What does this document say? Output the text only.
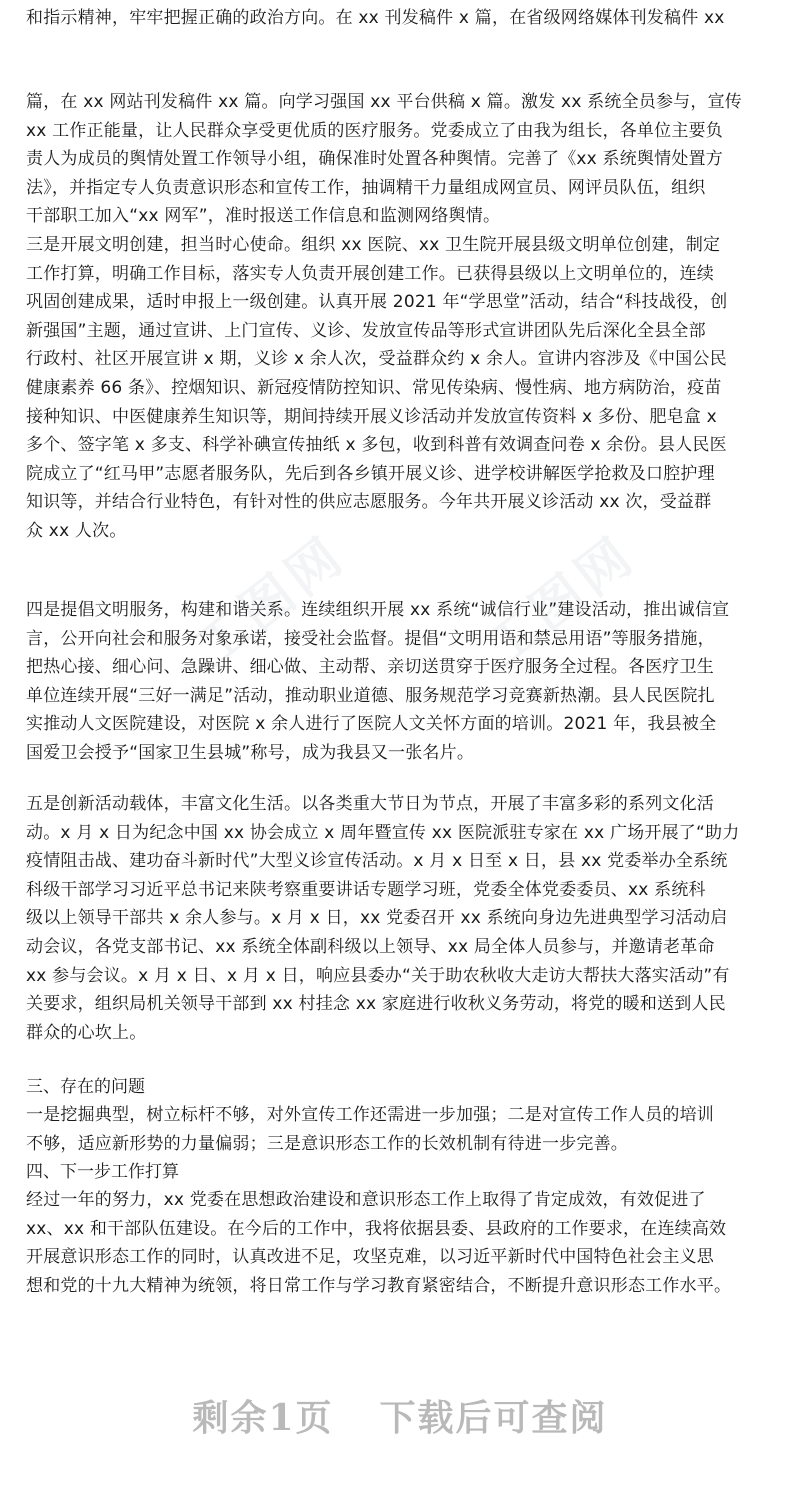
工图网 工图网
和指示精神，牢牢把握正确的政治方向。在 xx 刊发稿件 x 篇，在省级网络媒体刊发稿件 xx
篇，在 xx 网站刊发稿件 xx 篇。向学习强国 xx 平台供稿 x 篇。激发 xx 系统全员参与，宣传
xx 工作正能量，让人民群众享受更优质的医疗服务。党委成立了由我为组长，各单位主要负
责人为成员的舆情处置工作领导小组，确保准时处置各种舆情。完善了《xx 系统舆情处置方
法》，并指定专人负责意识形态和宣传工作，抽调精干力量组成网宣员、网评员队伍，组织
干部职工加入“xx 网军”，准时报送工作信息和监测网络舆情。
三是开展文明创建，担当时心使命。组织 xx 医院、xx 卫生院开展县级文明单位创建，制定
工作打算，明确工作目标，落实专人负责开展创建工作。已获得县级以上文明单位的，连续
巩固创建成果，适时申报上一级创建。认真开展 2021 年“学思堂”活动，结合“科技战役，创
新强国”主题，通过宣讲、上门宣传、义诊、发放宣传品等形式宣讲团队先后深化全县全部
行政村、社区开展宣讲 x 期，义诊 x 余人次，受益群众约 x 余人。宣讲内容涉及《中国公民
健康素养 66 条》、控烟知识、新冠疫情防控知识、常见传染病、慢性病、地方病防治，疫苗
接种知识、中医健康养生知识等，期间持续开展义诊活动并发放宣传资料 x 多份、肥皂盒 x
多个、签字笔 x 多支、科学补碘宣传抽纸 x 多包，收到科普有效调查问卷 x 余份。县人民医
院成立了“红马甲”志愿者服务队，先后到各乡镇开展义诊、进学校讲解医学抢救及口腔护理
知识等，并结合行业特色，有针对性的供应志愿服务。今年共开展义诊活动 xx 次，受益群
众 xx 人次。
四是提倡文明服务，构建和谐关系。连续组织开展 xx 系统“诚信行业”建设活动，推出诚信宣
言，公开向社会和服务对象承诺，接受社会监督。提倡“文明用语和禁忌用语”等服务措施，
把热心接、细心问、急躁讲、细心做、主动帮、亲切送贯穿于医疗服务全过程。各医疗卫生
单位连续开展“三好一满足”活动，推动职业道德、服务规范学习竞赛新热潮。县人民医院扎
实推动人文医院建设，对医院 x 余人进行了医院人文关怀方面的培训。2021 年，我县被全
国爱卫会授予“国家卫生县城”称号，成为我县又一张名片。
五是创新活动载体，丰富文化生活。以各类重大节日为节点，开展了丰富多彩的系列文化活
动。x 月 x 日为纪念中国 xx 协会成立 x 周年暨宣传 xx 医院派驻专家在 xx 广场开展了“助力
疫情阻击战、建功奋斗新时代”大型义诊宣传活动。x 月 x 日至 x 日，县 xx 党委举办全系统
科级干部学习习近平总书记来陕考察重要讲话专题学习班，党委全体党委委员、xx 系统科
级以上领导干部共 x 余人参与。x 月 x 日，xx 党委召开 xx 系统向身边先进典型学习活动启
动会议，各党支部书记、xx 系统全体副科级以上领导、xx 局全体人员参与，并邀请老革命
xx 参与会议。x 月 x 日、x 月 x 日，响应县委办“关于助农秋收大走访大帮扶大落实活动”有
关要求，组织局机关领导干部到 xx 村挂念 xx 家庭进行收秋义务劳动，将党的暖和送到人民
群众的心坎上。
三、存在的问题
一是挖掘典型，树立标杆不够，对外宣传工作还需进一步加强；二是对宣传工作人员的培训
不够，适应新形势的力量偏弱；三是意识形态工作的长效机制有待进一步完善。
四、下一步工作打算
经过一年的努力，xx 党委在思想政治建设和意识形态工作上取得了肯定成效，有效促进了
xx、xx 和干部队伍建设。在今后的工作中，我将依据县委、县政府的工作要求，在连续高效
开展意识形态工作的同时，认真改进不足，攻坚克难，以习近平新时代中国特色社会主义思
想和党的十九大精神为统领，将日常工作与学习教育紧密结合，不断提升意识形态工作水平。
剩余1页 下载后可查阅
